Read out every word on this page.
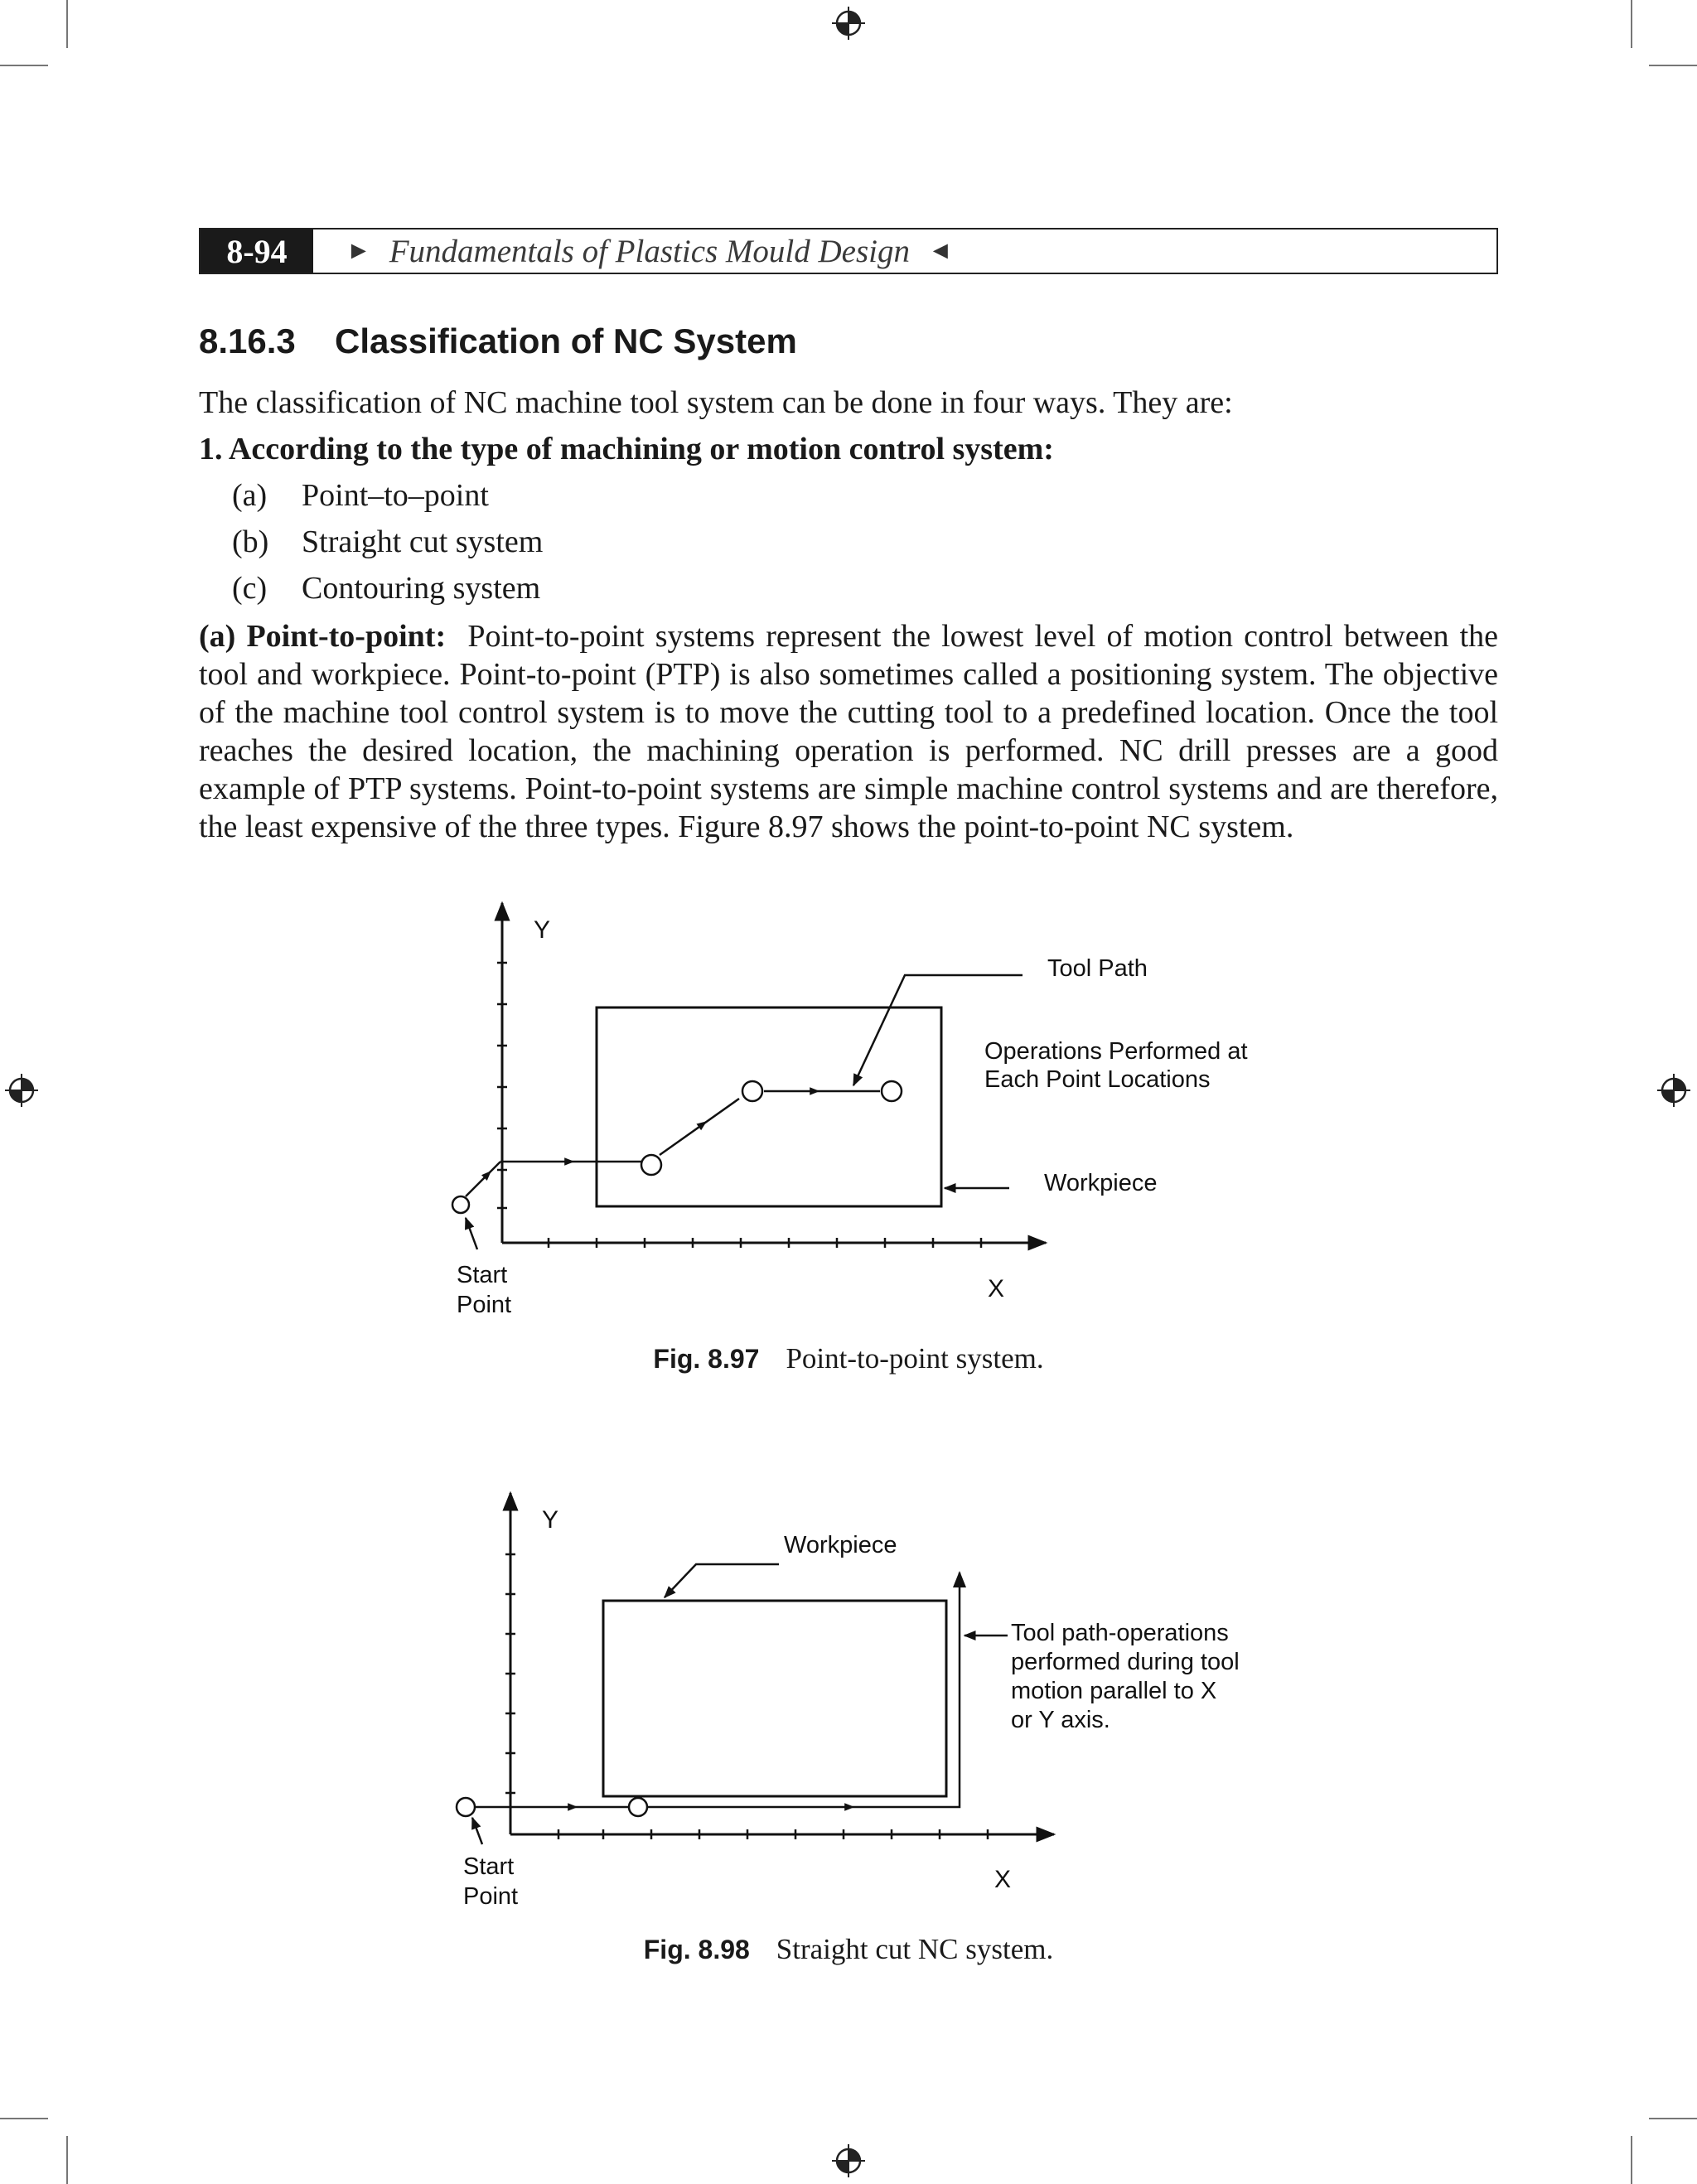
8-94	► Fundamentals of Plastics Mould Design ◄
8.16.3 Classification of NC System
The classification of NC machine tool system can be done in four ways. They are:
1. According to the type of machining or motion control system:
(a) Point–to–point
(b) Straight cut system
(c) Contouring system
(a) Point-to-point: Point-to-point systems represent the lowest level of motion control between the tool and workpiece. Point-to-point (PTP) is also sometimes called a positioning system. The objective of the machine tool control system is to move the cutting tool to a predefined location. Once the tool reaches the desired location, the machining operation is performed. NC drill presses are a good example of PTP systems. Point-to-point systems are simple machine control systems and are therefore, the least expensive of the three types. Figure 8.97 shows the point-to-point NC system.
Y
X
Tool Path
Operations Performed at
Each Point Locations
Workpiece
Start
Point
Fig. 8.97 Point-to-point system.
Y
X
Workpiece
Tool path-operations
performed during tool
motion parallel to X
or Y axis.
Start
Point
Fig. 8.98 Straight cut NC system.
